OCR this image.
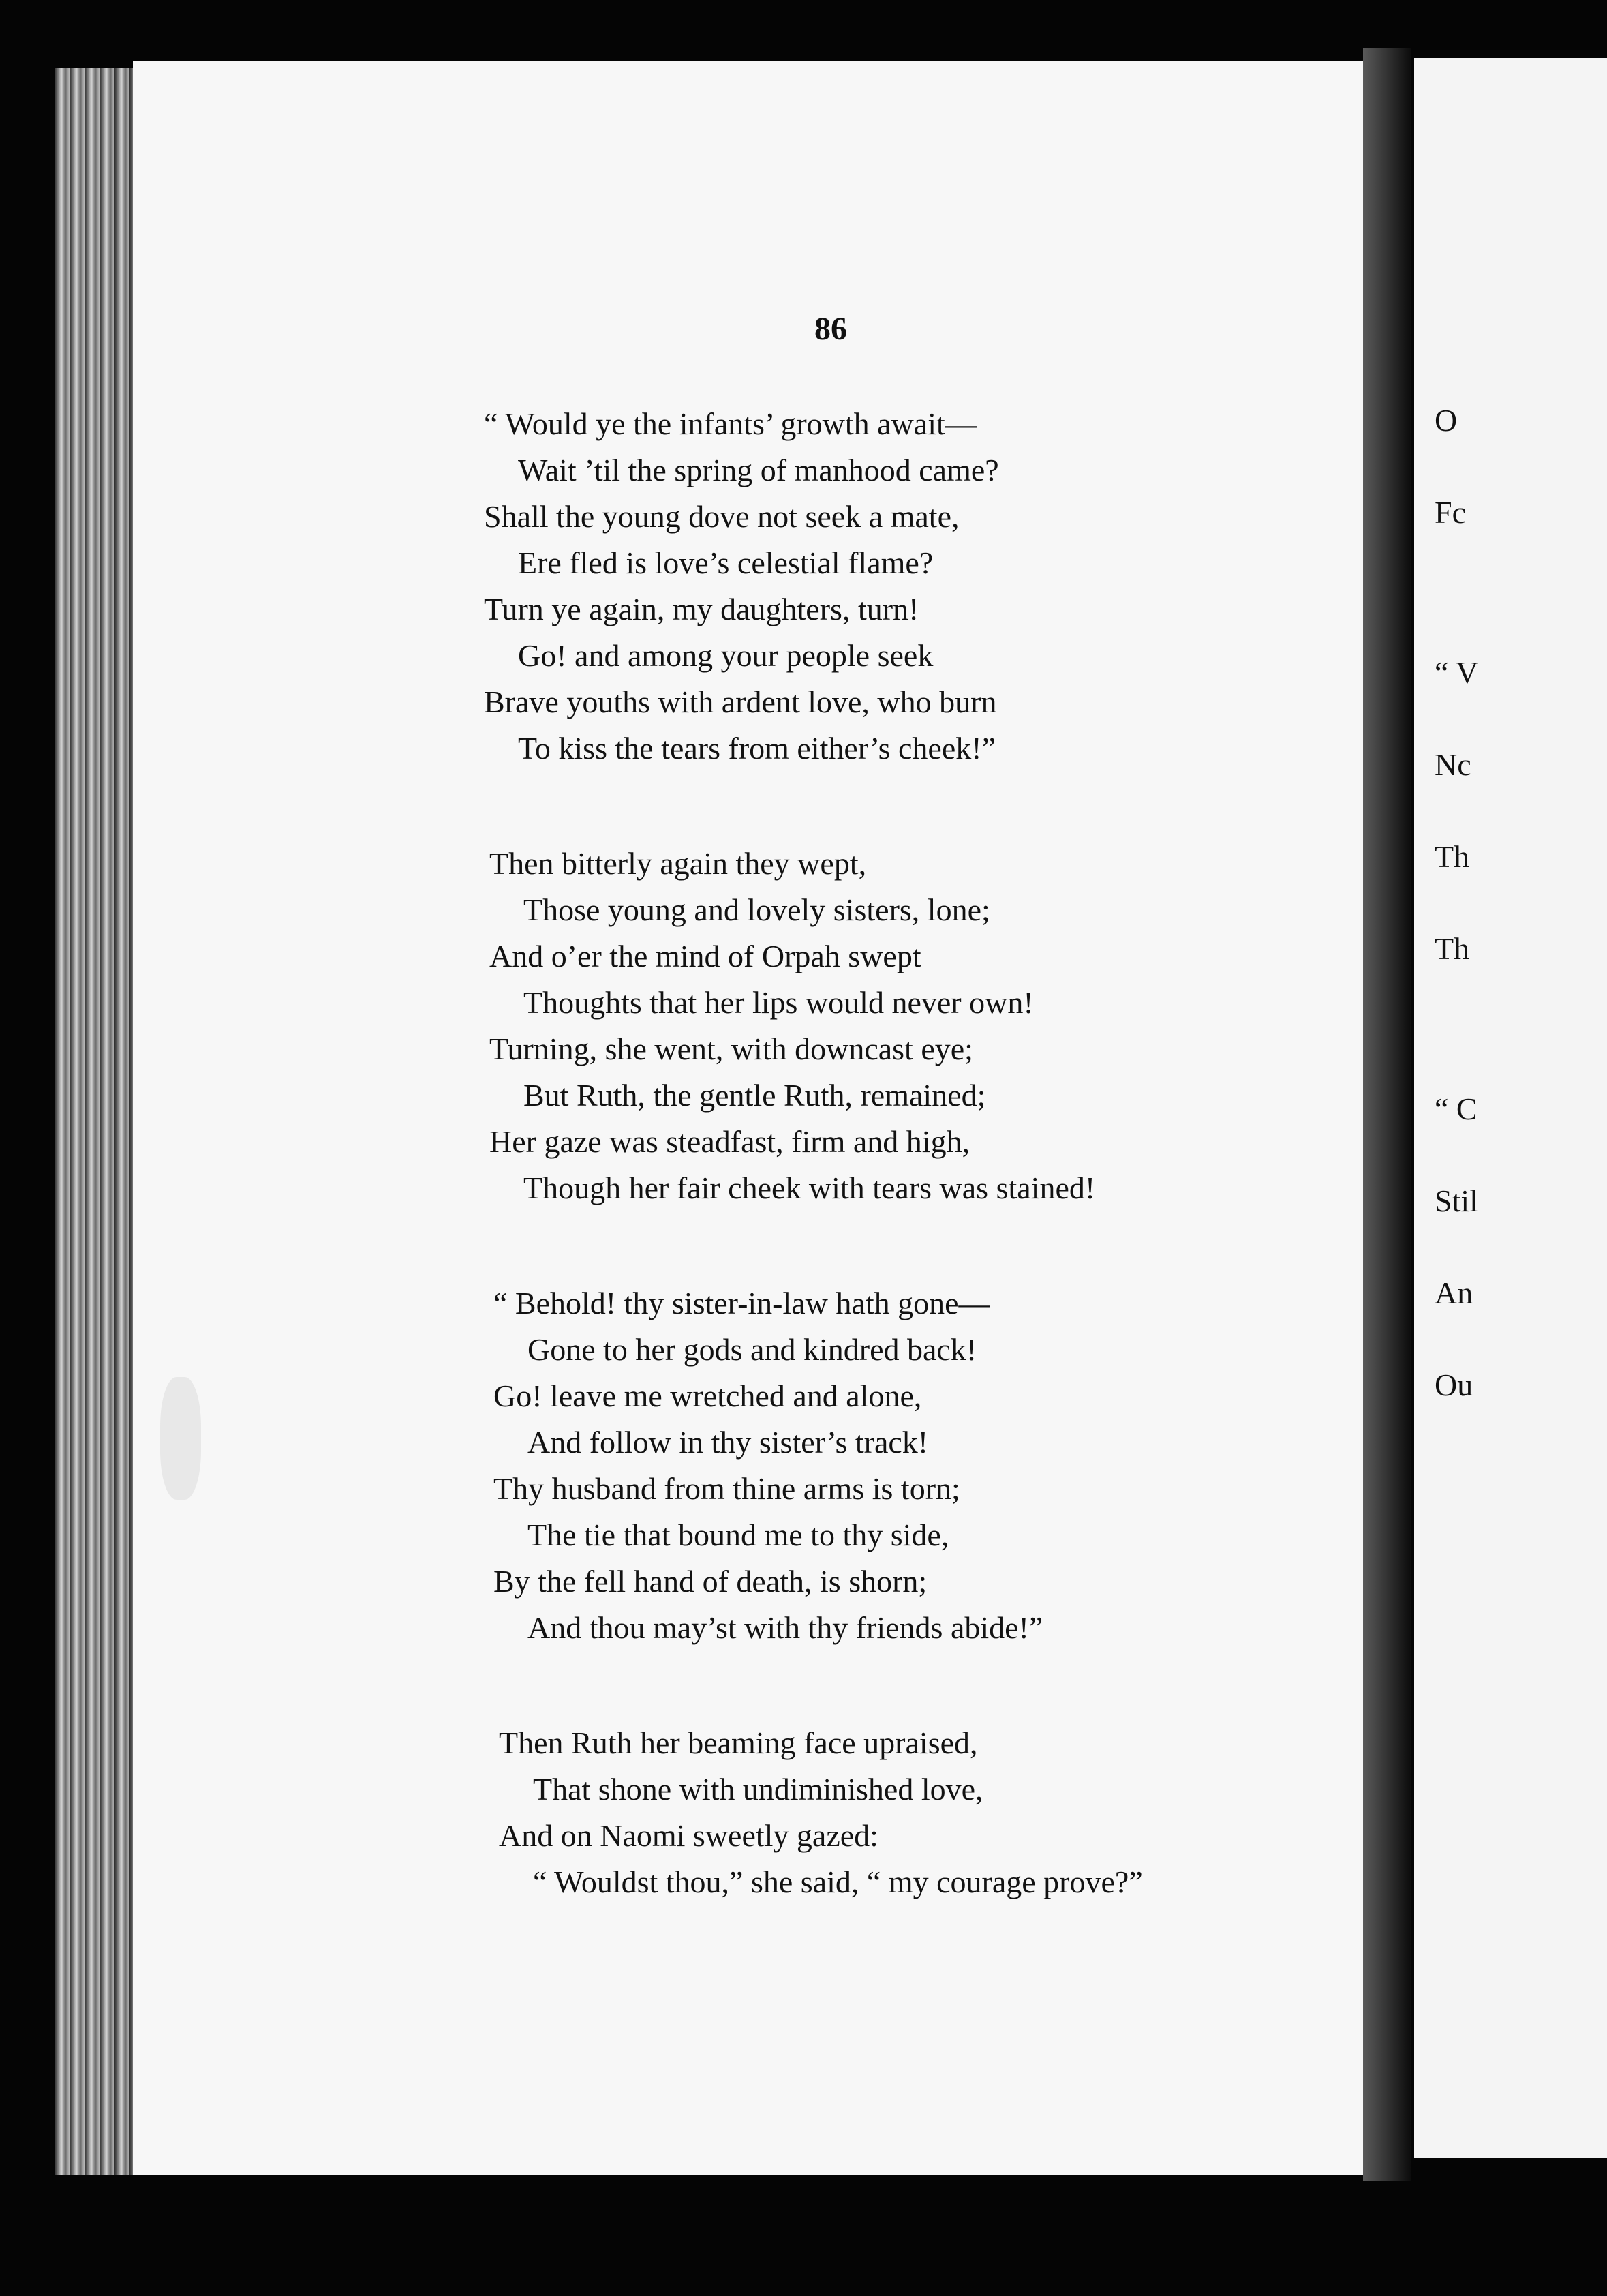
86
“ Would ye the infants’ growth await—
Wait ’til the spring of manhood came?
Shall the young dove not seek a mate,
Ere fled is love’s celestial flame?
Turn ye again, my daughters, turn!
Go! and among your people seek
Brave youths with ardent love, who burn
To kiss the tears from either’s cheek!”
Then bitterly again they wept,
Those young and lovely sisters, lone;
And o’er the mind of Orpah swept
Thoughts that her lips would never own!
Turning, she went, with downcast eye;
But Ruth, the gentle Ruth, remained;
Her gaze was steadfast, firm and high,
Though her fair cheek with tears was stained!
“ Behold! thy sister-in-law hath gone—
Gone to her gods and kindred back!
Go! leave me wretched and alone,
And follow in thy sister’s track!
Thy husband from thine arms is torn;
The tie that bound me to thy side,
By the fell hand of death, is shorn;
And thou may’st with thy friends abide!”
Then Ruth her beaming face upraised,
That shone with undiminished love,
And on Naomi sweetly gazed:
“ Wouldst thou,” she said, “ my courage prove?”
O
Fc
“ V
Nc
Th
Th
“ C
Stil
An
Ou
